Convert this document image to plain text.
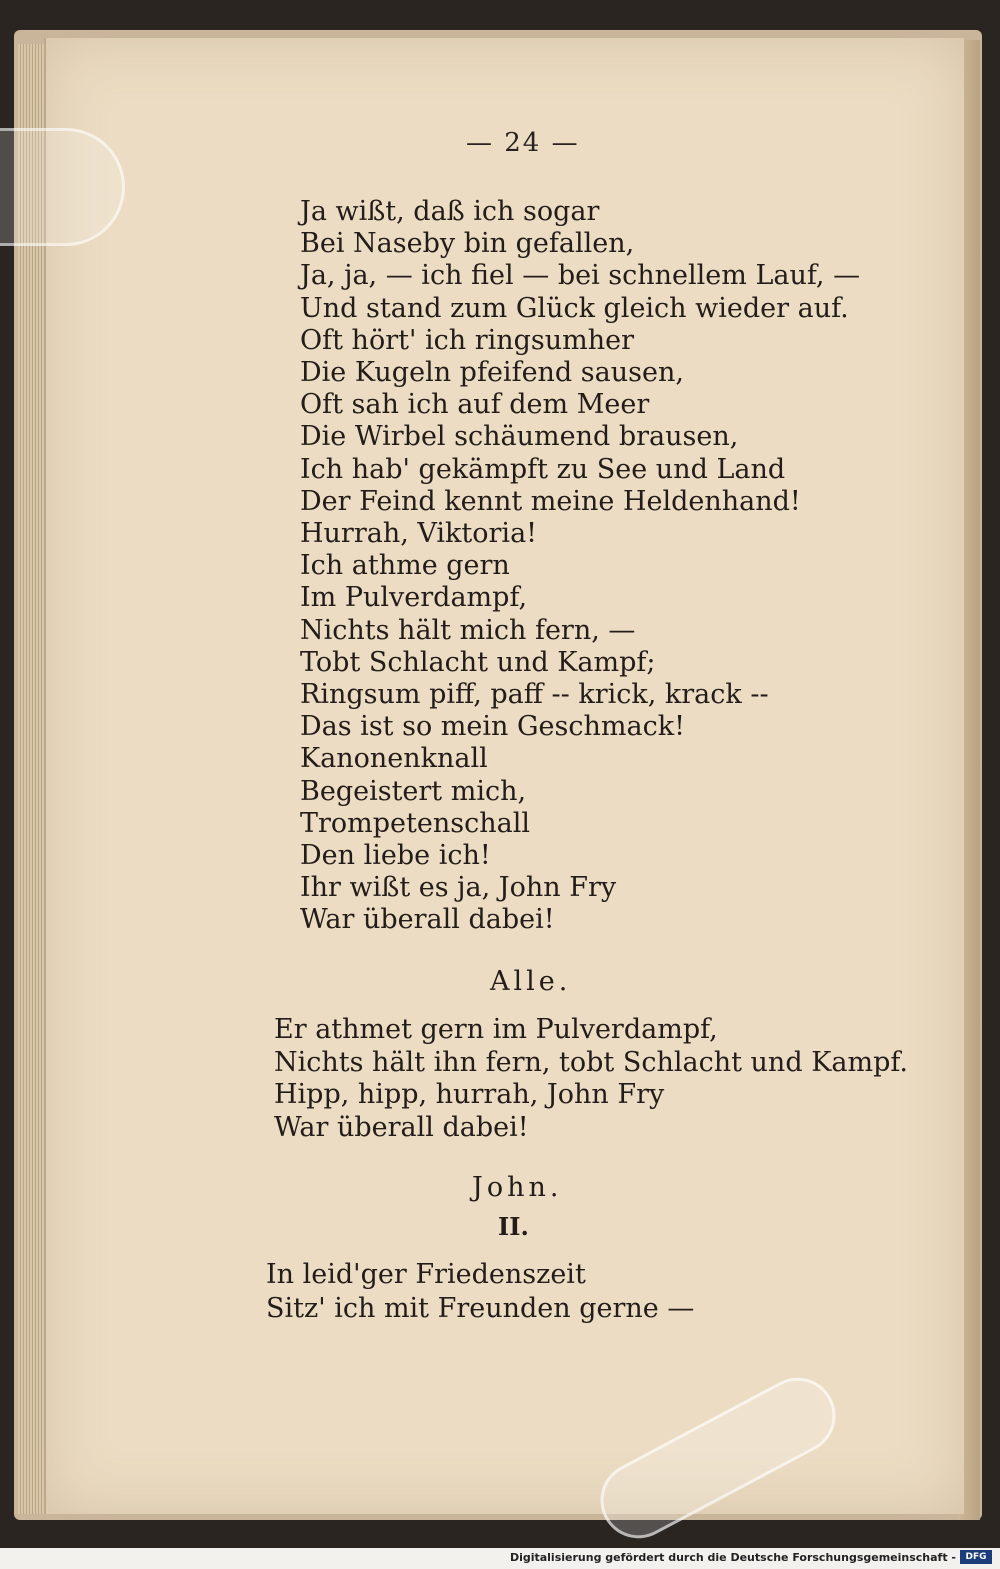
— 24 —
Ja wißt, daß ich sogar
Bei Naseby bin gefallen,
Ja, ja, — ich fiel — bei schnellem Lauf, —
Und stand zum Glück gleich wieder auf.
Oft hört' ich ringsumher
Die Kugeln pfeifend sausen,
Oft sah ich auf dem Meer
Die Wirbel schäumend brausen,
Ich hab' gekämpft zu See und Land
Der Feind kennt meine Heldenhand!
Hurrah, Viktoria!
Ich athme gern
Im Pulverdampf,
Nichts hält mich fern, —
Tobt Schlacht und Kampf;
Ringsum piff, paff -- krick, krack --
Das ist so mein Geschmack!
Kanonenknall
Begeistert mich,
Trompetenschall
Den liebe ich!
Ihr wißt es ja, John Fry
War überall dabei!
Alle.
Er athmet gern im Pulverdampf,
Nichts hält ihn fern, tobt Schlacht und Kampf.
Hipp, hipp, hurrah, John Fry
War überall dabei!
John.
II.
In leid'ger Friedenszeit
Sitz' ich mit Freunden gerne —
Digitalisierung gefördert durch die Deutsche Forschungsgemeinschaft -	DFG
